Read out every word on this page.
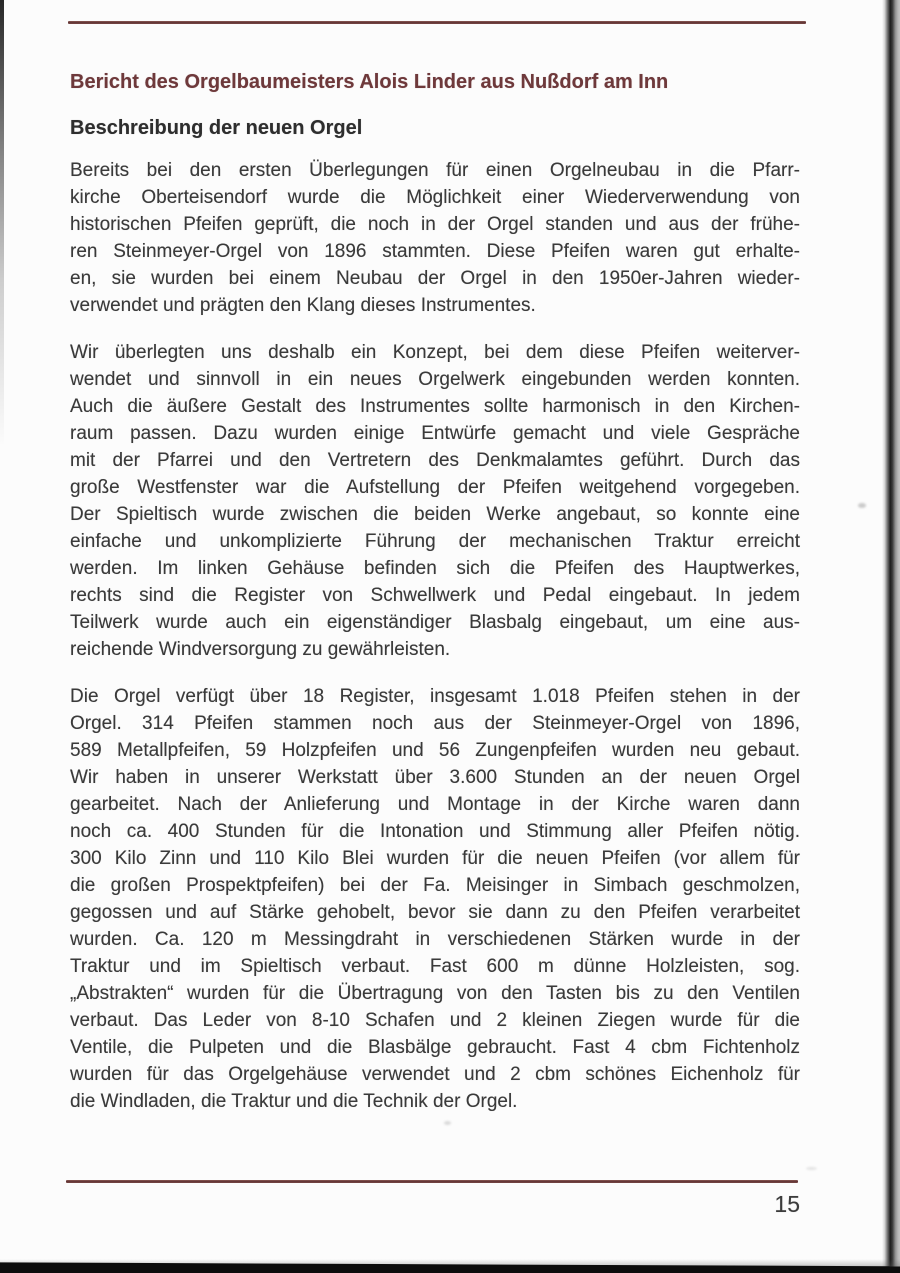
Bericht des Orgelbaumeisters Alois Linder aus Nußdorf am Inn
Beschreibung der neuen Orgel

Bereits bei den ersten Überlegungen für einen Orgelneubau in die Pfarr-
kirche Oberteisendorf wurde die Möglichkeit einer Wiederverwendung von
historischen Pfeifen geprüft, die noch in der Orgel standen und aus der frühe-
ren Steinmeyer-Orgel von 1896 stammten. Diese Pfeifen waren gut erhalte-
en, sie wurden bei einem Neubau der Orgel in den 1950er-Jahren wieder-
verwendet und prägten den Klang dieses Instrumentes.

Wir überlegten uns deshalb ein Konzept, bei dem diese Pfeifen weiterver-
wendet und sinnvoll in ein neues Orgelwerk eingebunden werden konnten.
Auch die äußere Gestalt des Instrumentes sollte harmonisch in den Kirchen-
raum passen. Dazu wurden einige Entwürfe gemacht und viele Gespräche
mit der Pfarrei und den Vertretern des Denkmalamtes geführt. Durch das
große Westfenster war die Aufstellung der Pfeifen weitgehend vorgegeben.
Der Spieltisch wurde zwischen die beiden Werke angebaut, so konnte eine
einfache und unkomplizierte Führung der mechanischen Traktur erreicht
werden. Im linken Gehäuse befinden sich die Pfeifen des Hauptwerkes,
rechts sind die Register von Schwellwerk und Pedal eingebaut. In jedem
Teilwerk wurde auch ein eigenständiger Blasbalg eingebaut, um eine aus-
reichende Windversorgung zu gewährleisten.

Die Orgel verfügt über 18 Register, insgesamt 1.018 Pfeifen stehen in der
Orgel. 314 Pfeifen stammen noch aus der Steinmeyer-Orgel von 1896,
589 Metallpfeifen, 59 Holzpfeifen und 56 Zungenpfeifen wurden neu gebaut.
Wir haben in unserer Werkstatt über 3.600 Stunden an der neuen Orgel
gearbeitet. Nach der Anlieferung und Montage in der Kirche waren dann
noch ca. 400 Stunden für die Intonation und Stimmung aller Pfeifen nötig.
300 Kilo Zinn und 110 Kilo Blei wurden für die neuen Pfeifen (vor allem für
die großen Prospektpfeifen) bei der Fa. Meisinger in Simbach geschmolzen,
gegossen und auf Stärke gehobelt, bevor sie dann zu den Pfeifen verarbeitet
wurden. Ca. 120 m Messingdraht in verschiedenen Stärken wurde in der
Traktur und im Spieltisch verbaut. Fast 600 m dünne Holzleisten, sog.
„Abstrakten“ wurden für die Übertragung von den Tasten bis zu den Ventilen
verbaut. Das Leder von 8-10 Schafen und 2 kleinen Ziegen wurde für die
Ventile, die Pulpeten und die Blasbälge gebraucht. Fast 4 cbm Fichtenholz
wurden für das Orgelgehäuse verwendet und 2 cbm schönes Eichenholz für
die Windladen, die Traktur und die Technik der Orgel.

15
